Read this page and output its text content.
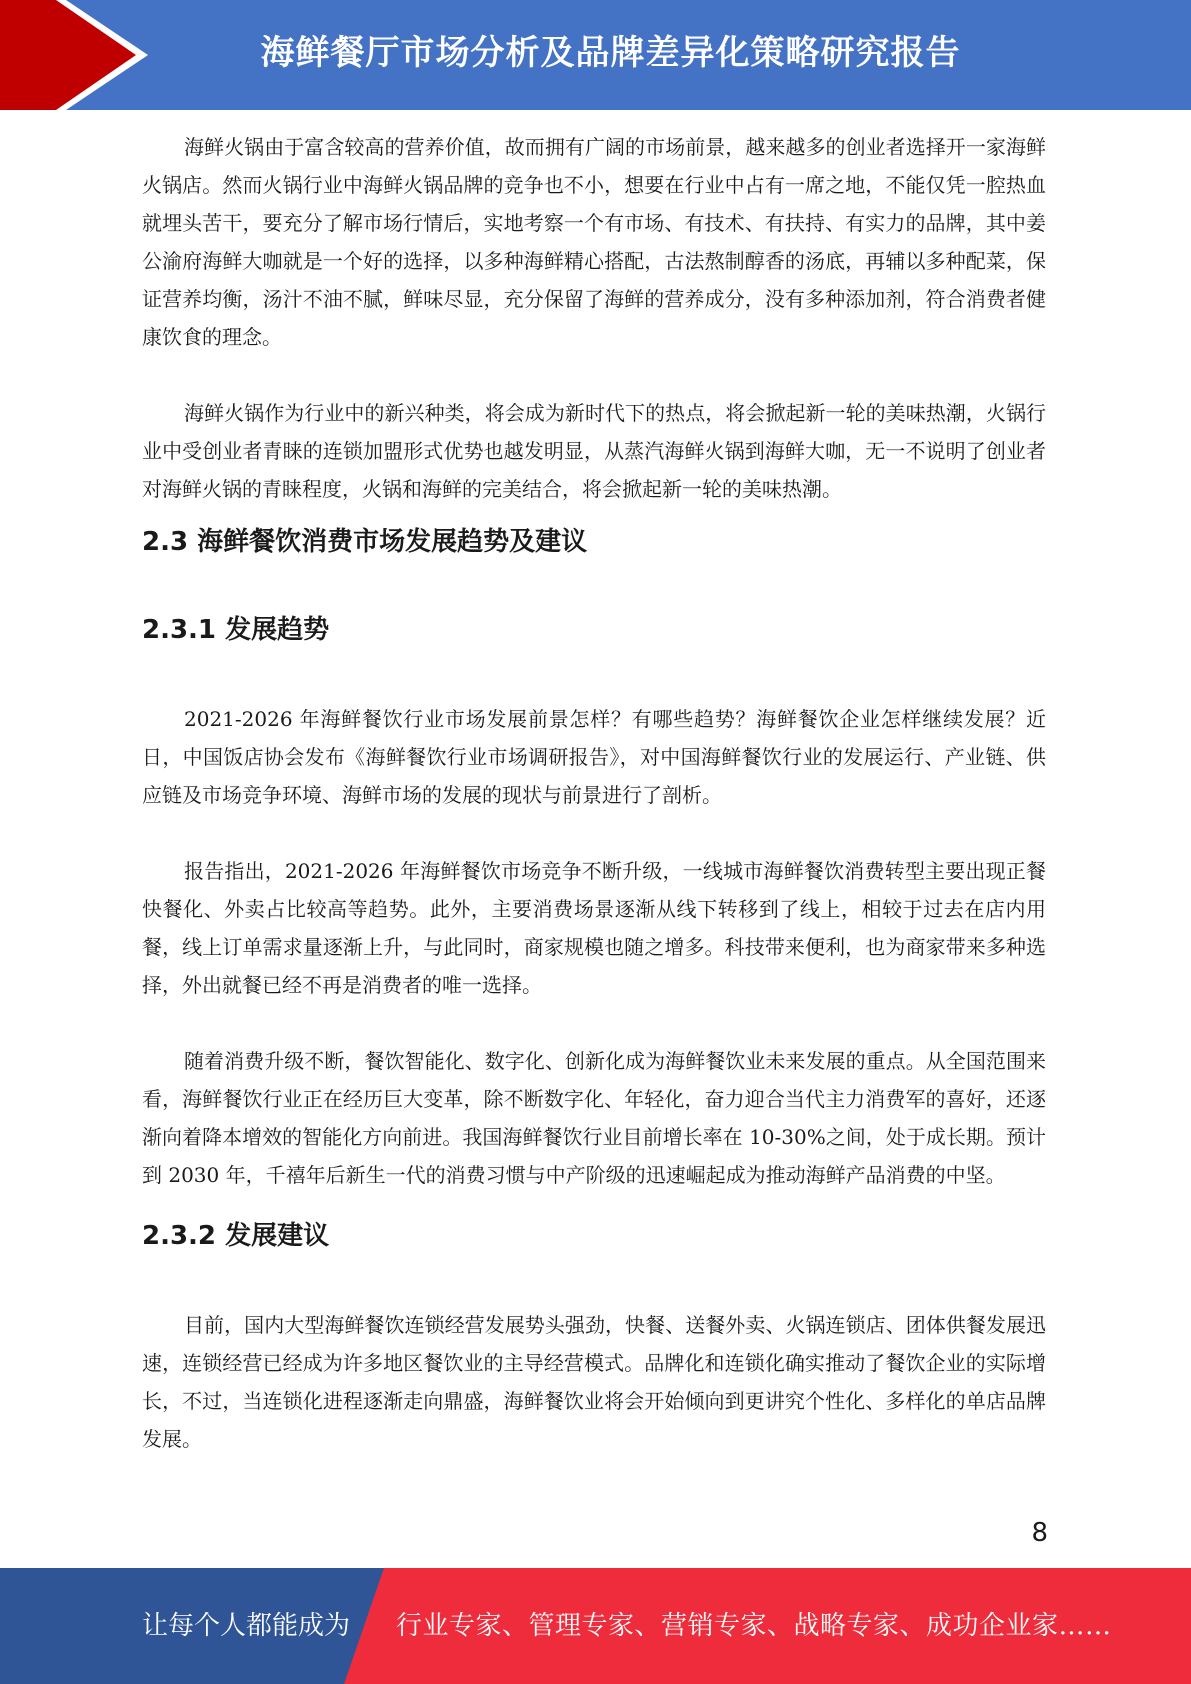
海鲜餐厅市场分析及品牌差异化策略研究报告

海鲜火锅由于富含较高的营养价值，故而拥有广阔的市场前景，越来越多的创业者选择开一家海鲜火锅店。然而火锅行业中海鲜火锅品牌的竞争也不小，想要在行业中占有一席之地，不能仅凭一腔热血就埋头苦干，要充分了解市场行情后，实地考察一个有市场、有技术、有扶持、有实力的品牌，其中姜公渝府海鲜大咖就是一个好的选择，以多种海鲜精心搭配，古法熬制醇香的汤底，再辅以多种配菜，保证营养均衡，汤汁不油不腻，鲜味尽显，充分保留了海鲜的营养成分，没有多种添加剂，符合消费者健康饮食的理念。

海鲜火锅作为行业中的新兴种类，将会成为新时代下的热点，将会掀起新一轮的美味热潮，火锅行业中受创业者青睐的连锁加盟形式优势也越发明显，从蒸汽海鲜火锅到海鲜大咖，无一不说明了创业者对海鲜火锅的青睐程度，火锅和海鲜的完美结合，将会掀起新一轮的美味热潮。

2.3 海鲜餐饮消费市场发展趋势及建议
2.3.1 发展趋势

2021-2026 年海鲜餐饮行业市场发展前景怎样？有哪些趋势？海鲜餐饮企业怎样继续发展？近日，中国饭店协会发布《海鲜餐饮行业市场调研报告》，对中国海鲜餐饮行业的发展运行、产业链、供应链及市场竞争环境、海鲜市场的发展的现状与前景进行了剖析。

报告指出，2021-2026 年海鲜餐饮市场竞争不断升级，一线城市海鲜餐饮消费转型主要出现正餐快餐化、外卖占比较高等趋势。此外，主要消费场景逐渐从线下转移到了线上，相较于过去在店内用餐，线上订单需求量逐渐上升，与此同时，商家规模也随之增多。科技带来便利，也为商家带来多种选择，外出就餐已经不再是消费者的唯一选择。

随着消费升级不断，餐饮智能化、数字化、创新化成为海鲜餐饮业未来发展的重点。从全国范围来看，海鲜餐饮行业正在经历巨大变革，除不断数字化、年轻化，奋力迎合当代主力消费军的喜好，还逐渐向着降本增效的智能化方向前进。我国海鲜餐饮行业目前增长率在 10-30%之间，处于成长期。预计到 2030 年，千禧年后新生一代的消费习惯与中产阶级的迅速崛起成为推动海鲜产品消费的中坚。

2.3.2 发展建议

目前，国内大型海鲜餐饮连锁经营发展势头强劲，快餐、送餐外卖、火锅连锁店、团体供餐发展迅速，连锁经营已经成为许多地区餐饮业的主导经营模式。品牌化和连锁化确实推动了餐饮企业的实际增长，不过，当连锁化进程逐渐走向鼎盛，海鲜餐饮业将会开始倾向到更讲究个性化、多样化的单店品牌发展。

8
让每个人都能成为 行业专家、管理专家、营销专家、战略专家、成功企业家……
